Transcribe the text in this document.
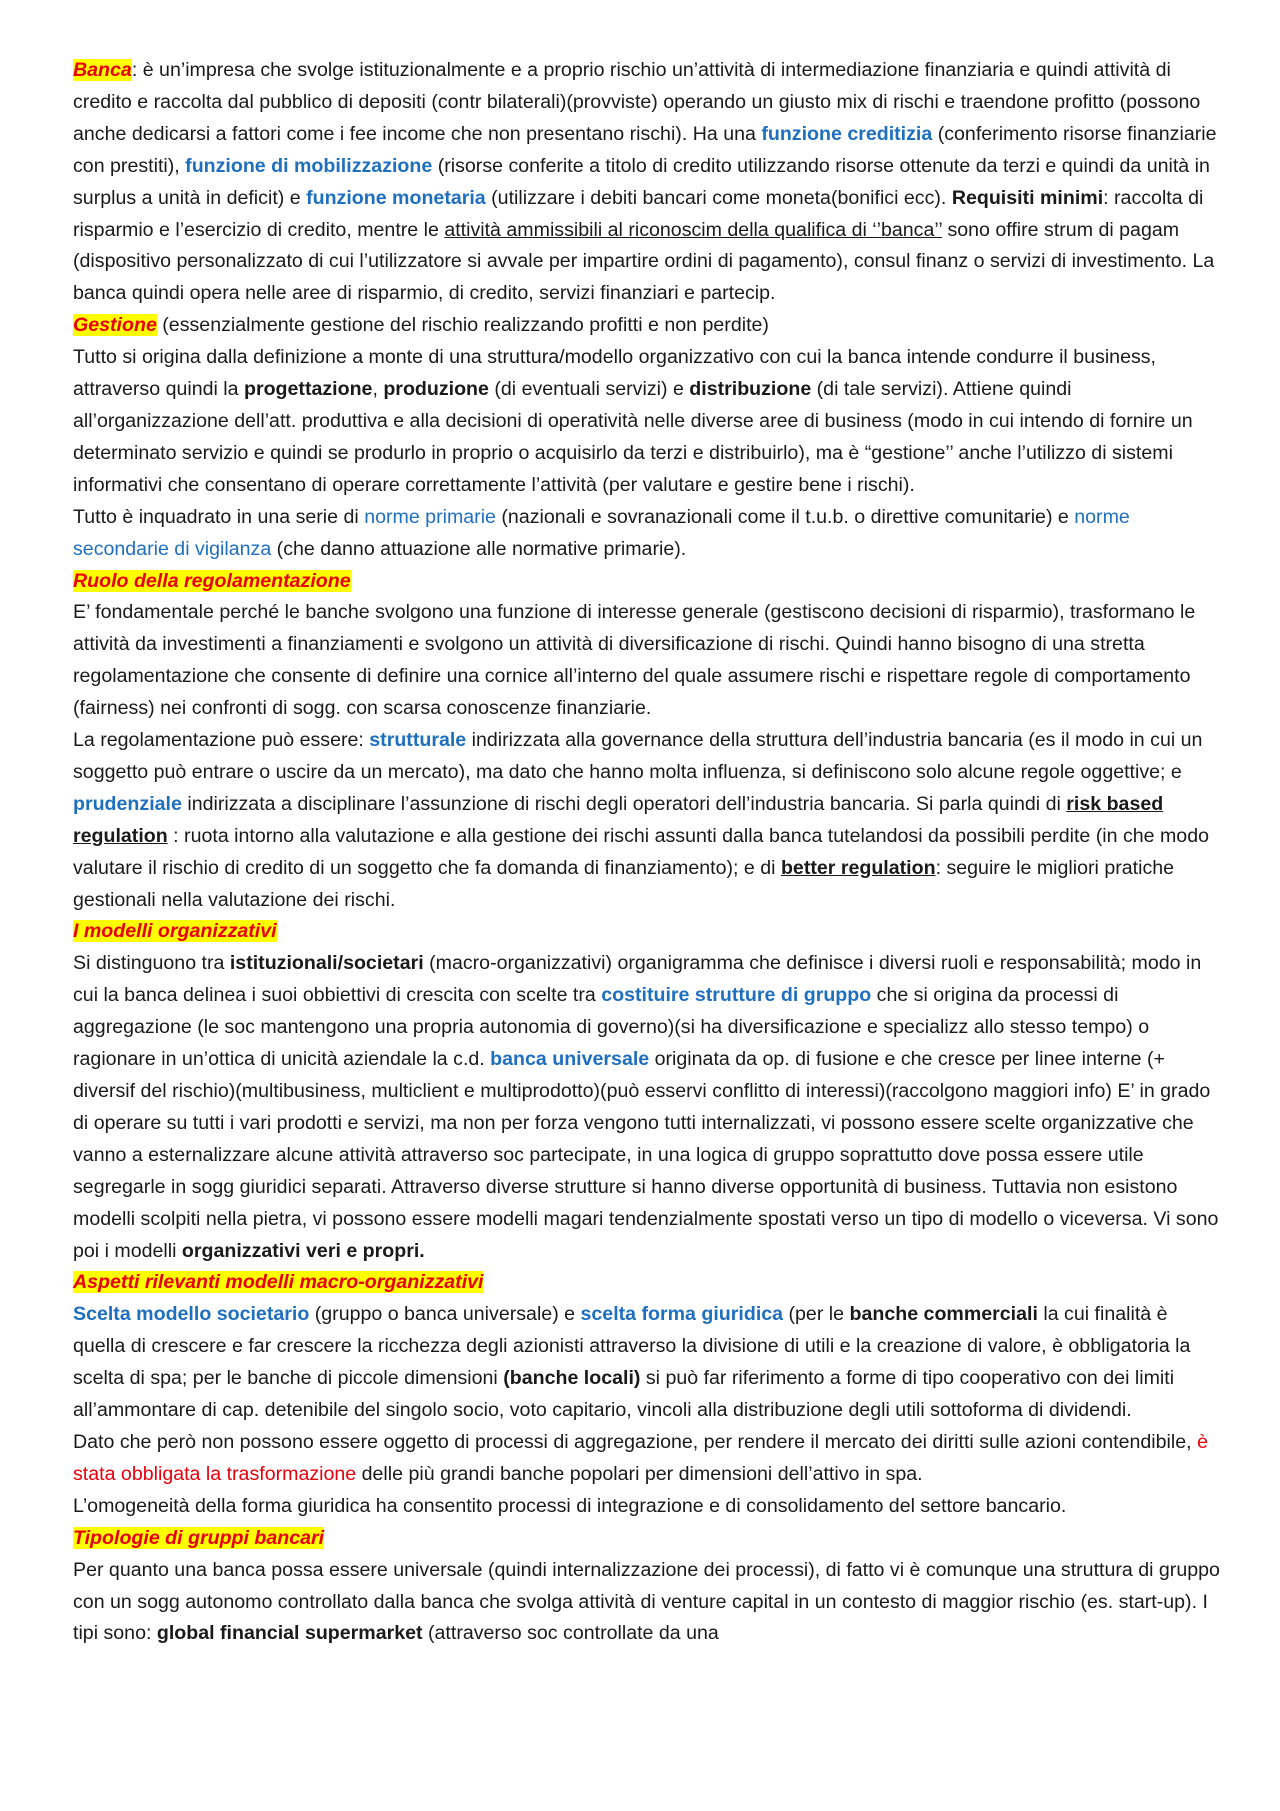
Banca: è un’impresa che svolge istituzionalmente e a proprio rischio un’attività di intermediazione finanziaria e quindi attività di credito e raccolta dal pubblico di depositi (contr bilaterali)(provviste) operando un giusto mix di rischi e traendone profitto (possono anche dedicarsi a fattori come i fee income che non presentano rischi). Ha una funzione creditizia (conferimento risorse finanziarie con prestiti), funzione di mobilizzazione (risorse conferite a titolo di credito utilizzando risorse ottenute da terzi e quindi da unità in surplus a unità in deficit) e funzione monetaria (utilizzare i debiti bancari come moneta(bonifici ecc). Requisiti minimi: raccolta di risparmio e l’esercizio di credito, mentre le attività ammissibili al riconoscim della qualifica di ‘’banca’’ sono offire strum di pagam (dispositivo personalizzato di cui l’utilizzatore si avvale per impartire ordini di pagamento), consul finanz o servizi di investimento. La banca quindi opera nelle aree di risparmio, di credito, servizi finanziari e partecip.

Gestione (essenzialmente gestione del rischio realizzando profitti e non perdite)

Tutto si origina dalla definizione a monte di una struttura/modello organizzativo con cui la banca intende condurre il business, attraverso quindi la progettazione, produzione (di eventuali servizi) e distribuzione (di tale servizi). Attiene quindi all’organizzazione dell’att. produttiva e alla decisioni di operatività nelle diverse aree di business (modo in cui intendo di fornire un determinato servizio e quindi se produrlo in proprio o acquisirlo da terzi e distribuirlo), ma è “gestione’’ anche l’utilizzo di sistemi informativi che consentano di operare correttamente l’attività (per valutare e gestire bene i rischi).

Tutto è inquadrato in una serie di norme primarie (nazionali e sovranazionali come il t.u.b. o direttive comunitarie) e norme secondarie di vigilanza (che danno attuazione alle normative primarie).

Ruolo della regolamentazione

E’ fondamentale perché le banche svolgono una funzione di interesse generale (gestiscono decisioni di risparmio), trasformano le attività da investimenti a finanziamenti e svolgono un attività di diversificazione di rischi. Quindi hanno bisogno di una stretta regolamentazione che consente di definire una cornice all’interno del quale assumere rischi e rispettare regole di comportamento (fairness) nei confronti di sogg. con scarsa conoscenze finanziarie.

La regolamentazione può essere: strutturale indirizzata alla governance della struttura dell’industria bancaria (es il modo in cui un soggetto può entrare o uscire da un mercato), ma dato che hanno molta influenza, si definiscono solo alcune regole oggettive; e prudenziale indirizzata a disciplinare l’assunzione di rischi degli operatori dell’industria bancaria. Si parla quindi di risk based regulation : ruota intorno alla valutazione e alla gestione dei rischi assunti dalla banca tutelandosi da possibili perdite (in che modo valutare il rischio di credito di un soggetto che fa domanda di finanziamento); e di better regulation: seguire le migliori pratiche gestionali nella valutazione dei rischi.

I modelli organizzativi

Si distinguono tra istituzionali/societari (macro-organizzativi) organigramma che definisce i diversi ruoli e responsabilità; modo in cui la banca delinea i suoi obbiettivi di crescita con scelte tra costituire strutture di gruppo che si origina da processi di aggregazione (le soc mantengono una propria autonomia di governo)(si ha diversificazione e specializz allo stesso tempo) o ragionare in un’ottica di unicità aziendale la c.d. banca universale originata da op. di fusione e che cresce per linee interne (+ diversif del rischio)(multibusiness, multiclient e multiprodotto)(può esservi conflitto di interessi)(raccolgono maggiori info) E’ in grado di operare su tutti i vari prodotti e servizi, ma non per forza vengono tutti internalizzati, vi possono essere scelte organizzative che vanno a esternalizzare alcune attività attraverso soc partecipate, in una logica di gruppo soprattutto dove possa essere utile segregarle in sogg giuridici separati. Attraverso diverse strutture si hanno diverse opportunità di business. Tuttavia non esistono modelli scolpiti nella pietra, vi possono essere modelli magari tendenzialmente spostati verso un tipo di modello o viceversa. Vi sono poi i modelli organizzativi veri e propri.

Aspetti rilevanti modelli macro-organizzativi

Scelta modello societario (gruppo o banca universale) e scelta forma giuridica (per le banche commerciali la cui finalità è quella di crescere e far crescere la ricchezza degli azionisti attraverso la divisione di utili e la creazione di valore, è obbligatoria la scelta di spa; per le banche di piccole dimensioni (banche locali) si può far riferimento a forme di tipo cooperativo con dei limiti all’ammontare di cap. detenibile del singolo socio, voto capitario, vincoli alla distribuzione degli utili sottoforma di dividendi.

Dato che però non possono essere oggetto di processi di aggregazione, per rendere il mercato dei diritti sulle azioni contendibile, è stata obbligata la trasformazione delle più grandi banche popolari per dimensioni dell’attivo in spa.

L’omogeneità della forma giuridica ha consentito processi di integrazione e di consolidamento del settore bancario.

Tipologie di gruppi bancari

Per quanto una banca possa essere universale (quindi internalizzazione dei processi), di fatto vi è comunque una struttura di gruppo con un sogg autonomo controllato dalla banca che svolga attività di venture capital in un contesto di maggior rischio (es. start-up). I tipi sono: global financial supermarket (attraverso soc controllate da una
